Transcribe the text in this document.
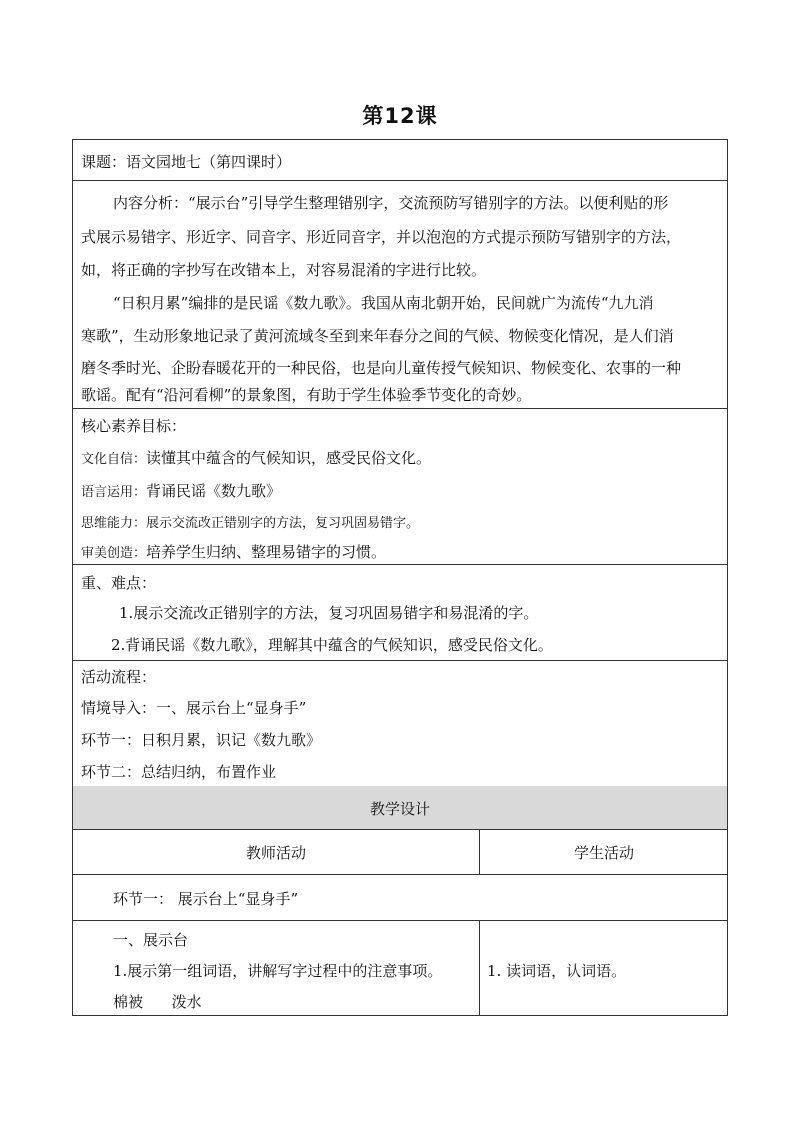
第12课
课题：语文园地七（第四课时）
内容分析：“展示台”引导学生整理错别字，交流预防写错别字的方法。以便利贴的形
式展示易错字、形近字、同音字、形近同音字，并以泡泡的方式提示预防写错别字的方法，
如，将正确的字抄写在改错本上，对容易混淆的字进行比较。
“日积月累”编排的是民谣《数九歌》。我国从南北朝开始，民间就广为流传“九九消
寒歌”，生动形象地记录了黄河流域冬至到来年春分之间的气候、物候变化情况，是人们消
磨冬季时光、企盼春暖花开的一种民俗，也是向儿童传授气候知识、物候变化、农事的一种
歌谣。配有“沿河看柳”的景象图，有助于学生体验季节变化的奇妙。
核心素养目标：
文化自信：读懂其中蕴含的气候知识，感受民俗文化。
语言运用：背诵民谣《数九歌》
思维能力：展示交流改正错别字的方法，复习巩固易错字。
审美创造：培养学生归纳、整理易错字的习惯。
重、难点：
1.展示交流改正错别字的方法，复习巩固易错字和易混淆的字。
2.背诵民谣《数九歌》，理解其中蕴含的气候知识，感受民俗文化。
活动流程：
情境导入：一、展示台上“显身手”
环节一：日积月累，识记《数九歌》
环节二：总结归纳，布置作业
教学设计
教师活动	学生活动
环节一： 展示台上“显身手”
一、展示台
1.展示第一组词语，讲解写字过程中的注意事项。
棉被      泼水
1. 读词语，认词语。
